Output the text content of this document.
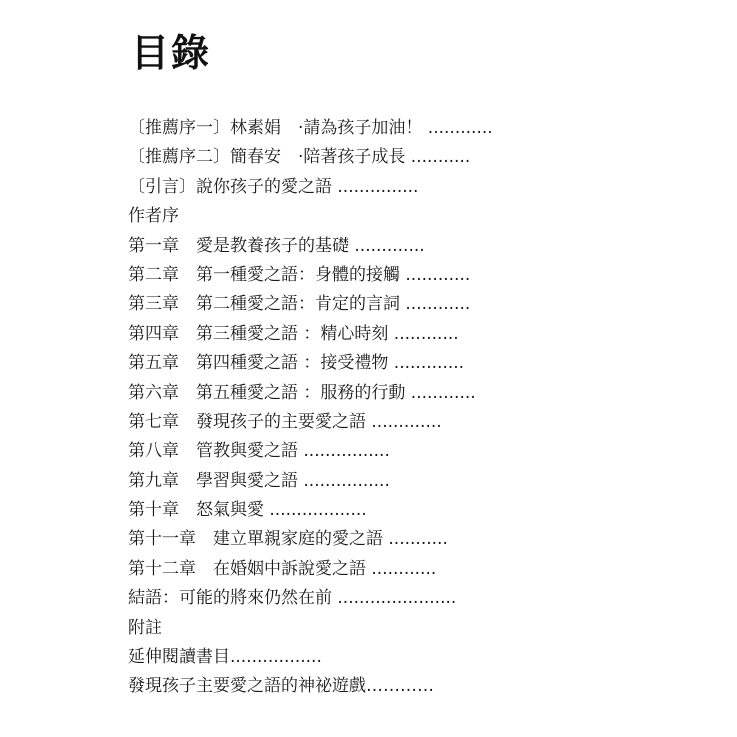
目錄
〔推薦序一〕林素娟　‧請為孩子加油！ ............
〔推薦序二〕簡春安　‧陪著孩子成長 ...........
〔引言〕說你孩子的愛之語 ...............
作者序
第一章　愛是教養孩子的基礎 .............
第二章　第一種愛之語：身體的接觸 ............
第三章　第二種愛之語：肯定的言詞 ............
第四章　第三種愛之語 ：精心時刻 ............
第五章　第四種愛之語 ：接受禮物 .............
第六章　第五種愛之語 ：服務的行動 ............
第七章　發現孩子的主要愛之語 .............
第八章　管教與愛之語 ................
第九章　學習與愛之語 ................
第十章　怒氣與愛 ..................
第十一章　建立單親家庭的愛之語 ...........
第十二章　在婚姻中訴說愛之語 ............
結語：可能的將來仍然在前 ......................
附註
延伸閱讀書目.................
發現孩子主要愛之語的神祕遊戲…………
